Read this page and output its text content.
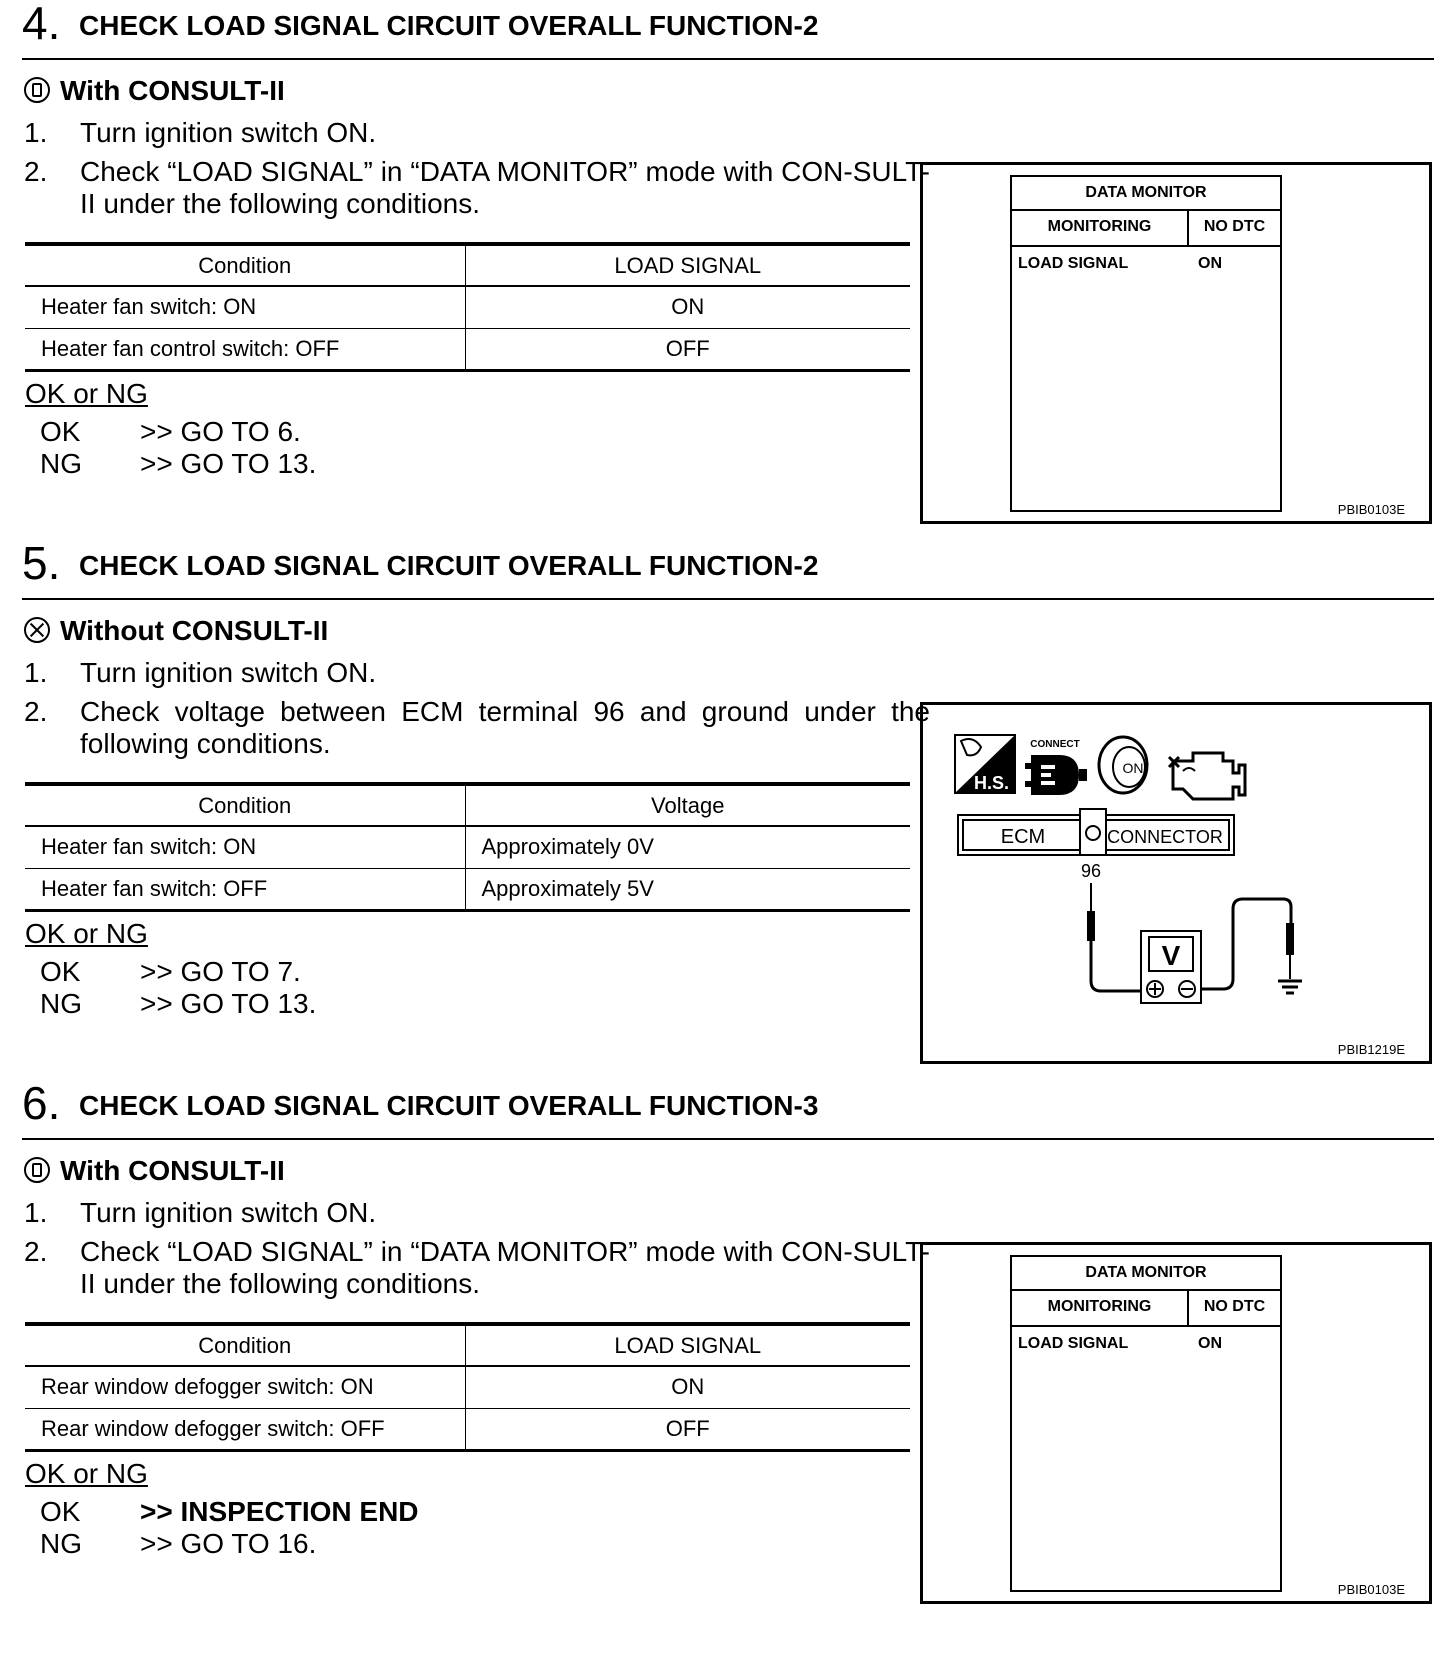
4. CHECK LOAD SIGNAL CIRCUIT OVERALL FUNCTION-2
With CONSULT-II
1. Turn ignition switch ON.
2. Check “LOAD SIGNAL” in “DATA MONITOR” mode with CON-SULT-II under the following conditions.
Condition	LOAD SIGNAL
Heater fan switch: ON	ON
Heater fan control switch: OFF	OFF
OK or NG
OK >> GO TO 6.
NG >> GO TO 13.
DATA MONITOR
MONITORING	NO DTC
LOAD SIGNAL	ON
PBIB0103E
5. CHECK LOAD SIGNAL CIRCUIT OVERALL FUNCTION-2
Without CONSULT-II
1. Turn ignition switch ON.
2. Check voltage between ECM terminal 96 and ground under the following conditions.
Condition	Voltage
Heater fan switch: ON	Approximately 0V
Heater fan switch: OFF	Approximately 5V
OK or NG
OK >> GO TO 7.
NG >> GO TO 13.
H.S.
CONNECT
ON
ECM	CONNECTOR
96
V
PBIB1219E
6. CHECK LOAD SIGNAL CIRCUIT OVERALL FUNCTION-3
With CONSULT-II
1. Turn ignition switch ON.
2. Check “LOAD SIGNAL” in “DATA MONITOR” mode with CON-SULT-II under the following conditions.
Condition	LOAD SIGNAL
Rear window defogger switch: ON	ON
Rear window defogger switch: OFF	OFF
OK or NG
OK >> INSPECTION END
NG >> GO TO 16.
DATA MONITOR
MONITORING	NO DTC
LOAD SIGNAL	ON
PBIB0103E
